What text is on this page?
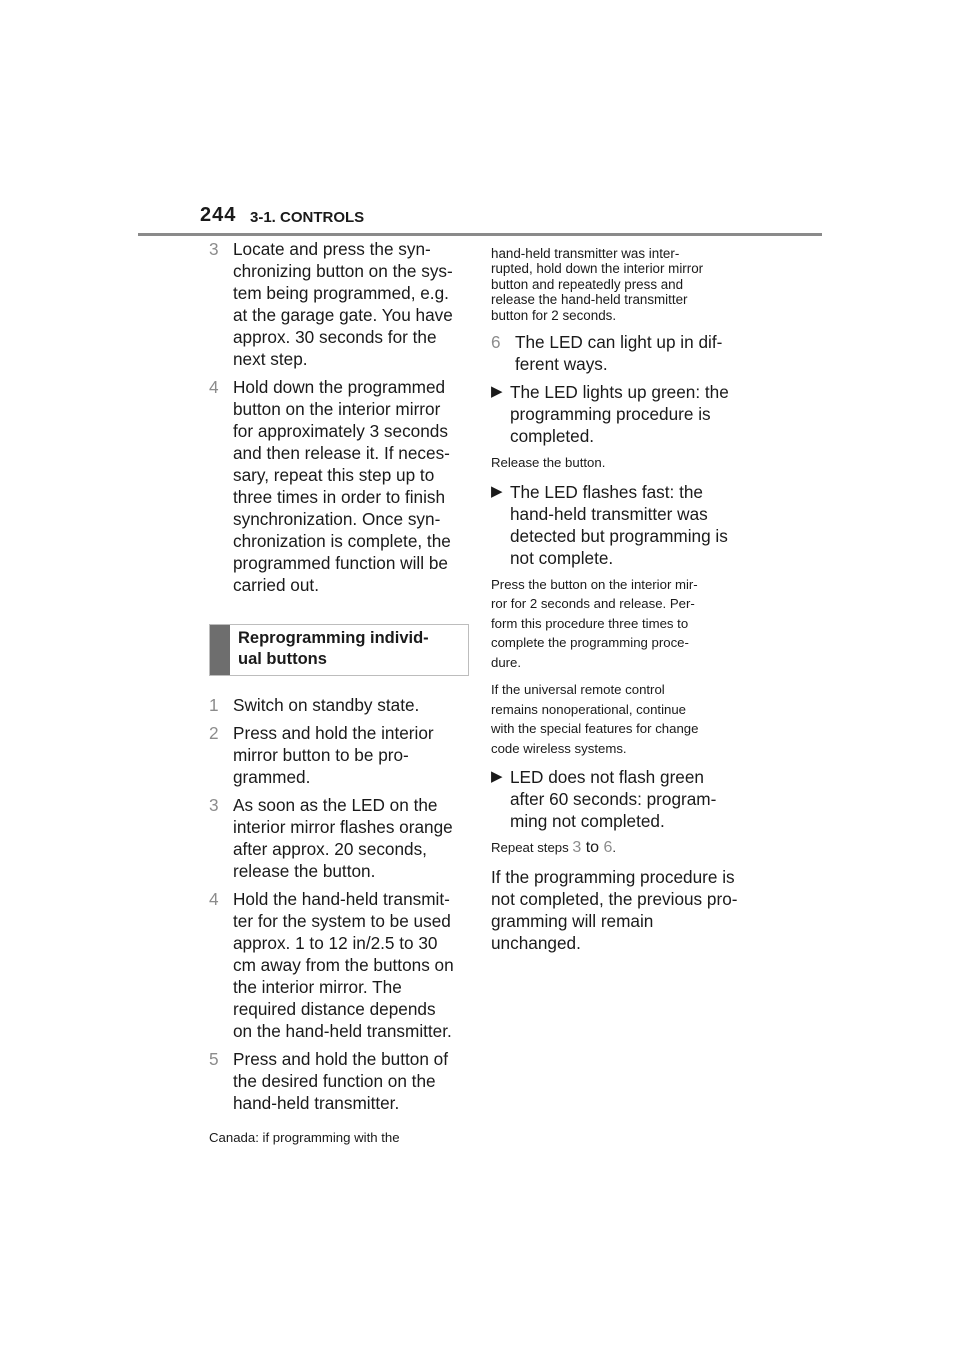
244 3-1. CONTROLS
3 Locate and press the syn-
chronizing button on the sys-
tem being programmed, e.g.
at the garage gate. You have
approx. 30 seconds for the
next step.
4 Hold down the programmed
button on the interior mirror
for approximately 3 seconds
and then release it. If neces-
sary, repeat this step up to
three times in order to finish
synchronization. Once syn-
chronization is complete, the
programmed function will be
carried out.
Reprogramming individ-
ual buttons
1 Switch on standby state.
2 Press and hold the interior
mirror button to be pro-
grammed.
3 As soon as the LED on the
interior mirror flashes orange
after approx. 20 seconds,
release the button.
4 Hold the hand-held transmit-
ter for the system to be used
approx. 1 to 12 in/2.5 to 30
cm away from the buttons on
the interior mirror. The
required distance depends
on the hand-held transmitter.
5 Press and hold the button of
the desired function on the
hand-held transmitter.
Canada: if programming with the
hand-held transmitter was inter-
rupted, hold down the interior mirror
button and repeatedly press and
release the hand-held transmitter
button for 2 seconds.
6 The LED can light up in dif-
ferent ways.
▶ The LED lights up green: the
programming procedure is
completed.
Release the button.
▶ The LED flashes fast: the
hand-held transmitter was
detected but programming is
not complete.
Press the button on the interior mir-
ror for 2 seconds and release. Per-
form this procedure three times to
complete the programming proce-
dure.
If the universal remote control
remains nonoperational, continue
with the special features for change
code wireless systems.
▶ LED does not flash green
after 60 seconds: program-
ming not completed.
Repeat steps 3 to 6.
If the programming procedure is
not completed, the previous pro-
gramming will remain
unchanged.
